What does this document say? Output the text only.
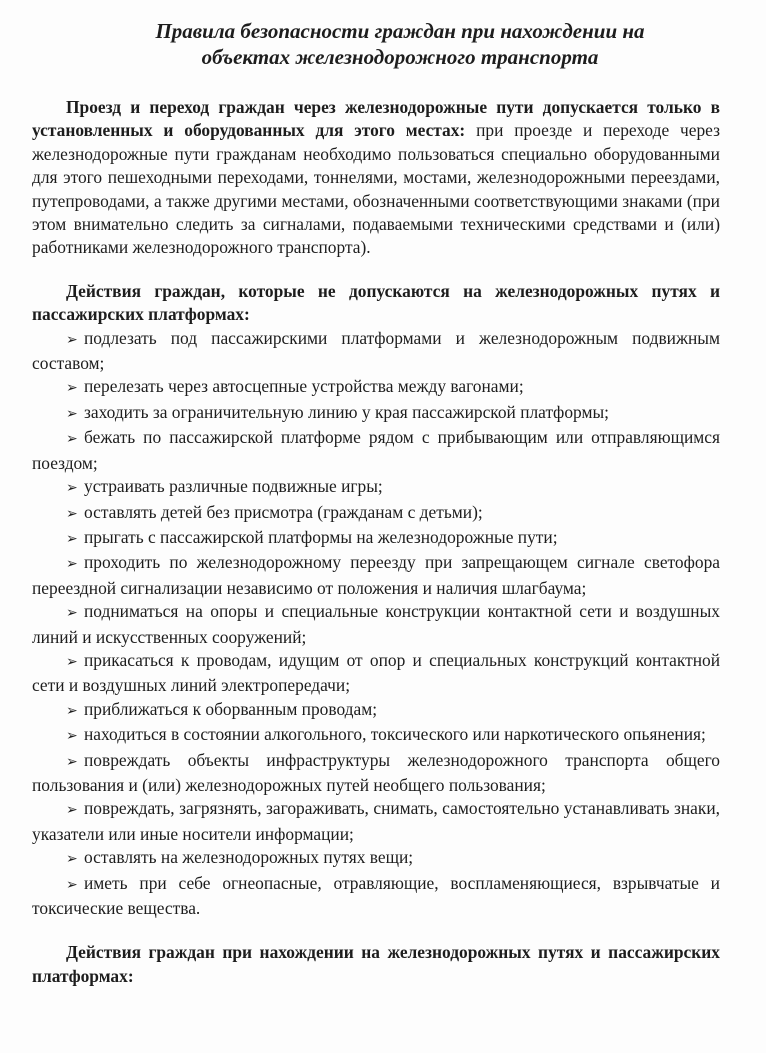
Правила безопасности граждан при нахождении на
объектах железнодорожного транспорта

Проезд и переход граждан через железнодорожные пути допускается только в установленных и оборудованных для этого местах: при проезде и переходе через железнодорожные пути гражданам необходимо пользоваться специально оборудованными для этого пешеходными переходами, тоннелями, мостами, железнодорожными переездами, путепроводами, а также другими местами, обозначенными соответствующими знаками (при этом внимательно следить за сигналами, подаваемыми техническими средствами и (или) работниками железнодорожного транспорта).

Действия граждан, которые не допускаются на железнодорожных путях и пассажирских платформах:

➢ подлезать под пассажирскими платформами и железнодорожным подвижным составом;
➢ перелезать через автосцепные устройства между вагонами;
➢ заходить за ограничительную линию у края пассажирской платформы;
➢ бежать по пассажирской платформе рядом с прибывающим или отправляющимся поездом;
➢ устраивать различные подвижные игры;
➢ оставлять детей без присмотра (гражданам с детьми);
➢ прыгать с пассажирской платформы на железнодорожные пути;
➢ проходить по железнодорожному переезду при запрещающем сигнале светофора переездной сигнализации независимо от положения и наличия шлагбаума;
➢ подниматься на опоры и специальные конструкции контактной сети и воздушных линий и искусственных сооружений;
➢ прикасаться к проводам, идущим от опор и специальных конструкций контактной сети и воздушных линий электропередачи;
➢ приближаться к оборванным проводам;
➢ находиться в состоянии алкогольного, токсического или наркотического опьянения;
➢ повреждать объекты инфраструктуры железнодорожного транспорта общего пользования и (или) железнодорожных путей необщего пользования;
➢ повреждать, загрязнять, загораживать, снимать, самостоятельно устанавливать знаки, указатели или иные носители информации;
➢ оставлять на железнодорожных путях вещи;
➢ иметь при себе огнеопасные, отравляющие, воспламеняющиеся, взрывчатые и токсические вещества.

Действия граждан при нахождении на железнодорожных путях и пассажирских платформах:
